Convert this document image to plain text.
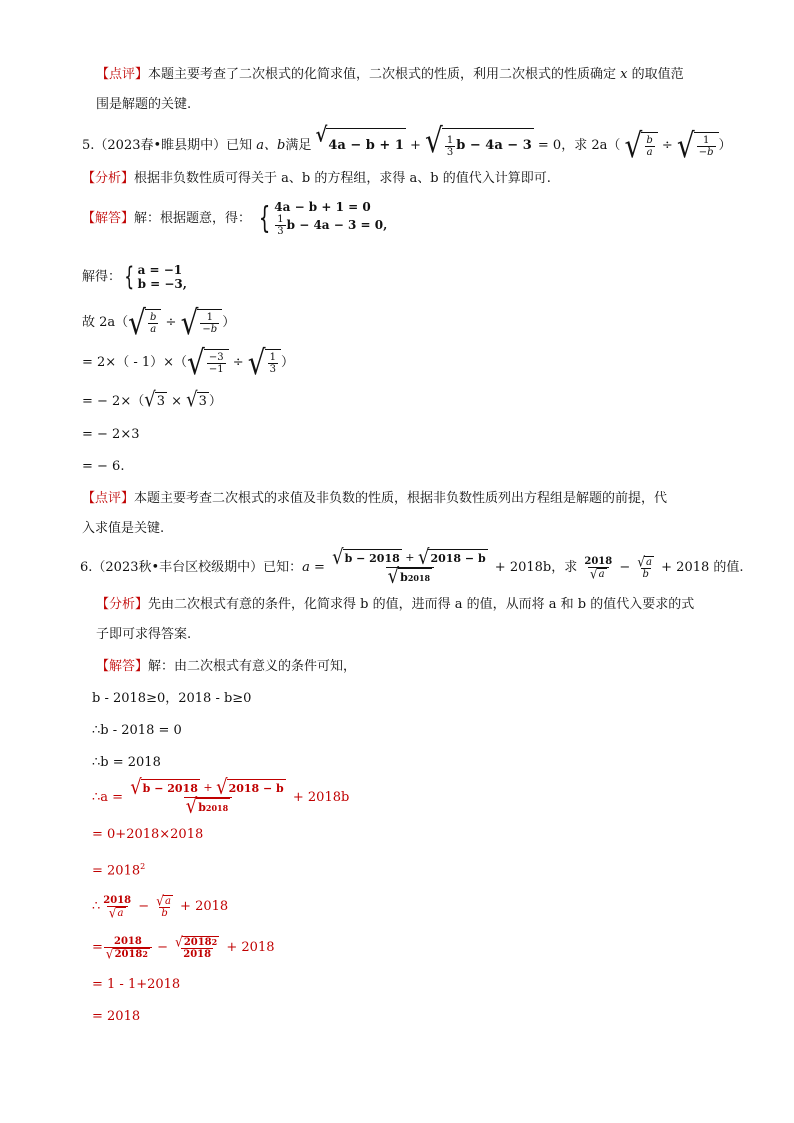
【点评】本题主要考查了二次根式的化简求值，二次根式的性质，利用二次根式的性质确定 x 的取值范
围是解题的关键.
5.（2023春•睢县期中）已知 a、b满足 √ 4a − b + 1 + √ 1
3 b − 4a − 3 = 0，求 2a（ √ b
a ÷ √ 1
−b ）
【分析】根据非负数性质可得关于 a、b 的方程组，求得 a、b 的值代入计算即可.
【解答】解：根据题意，得： { 4a − b + 1 = 0
$\frac{1}{3}$ b − 4a − 3 = 0,
解得： { a = −1
b = −3,
故 2a（ √ b
a ÷ √ 1
−b ）
= 2×（ - 1）×（ √ −3
−1 ÷ √ 1
3 ）
= − 2×（ √ 3 × √ 3 ）
= − 2×3
= − 6.
【点评】本题主要考查二次根式的求值及非负数的性质，根据非负数性质列出方程组是解题的前提，代
入求值是关键.
6.（2023秋•丰台区校级期中）已知：$a = \frac{√ b - 2018 + √ 2018 - b}{√ b 2018} + 2018b$，求 $\frac{2018}{√ a} - \frac{√ a}{b} + 2018$ 的值.
【分析】先由二次根式有意的条件，化简求得 b 的值，进而得 a 的值，从而将 a 和 b 的值代入要求的式
子即可求得答案.
【解答】解：由二次根式有意义的条件可知，
b - 2018≥0，2018 - b≥0
∴b - 2018 = 0
∴b = 2018
∴a = $\frac{√ b - 2018 + √ 2018 - b}{√ b 2018} + 2018b$
= 0+2018×2018
= $2018^2$
∴ $\frac{2018}{√ a} - \frac{√ a}{b} + 2018$
= $\frac{2018}{√ 2018 2} - \frac{√ 2018 2}{2018} + 2018$
= 1 - 1+2018
= 2018
